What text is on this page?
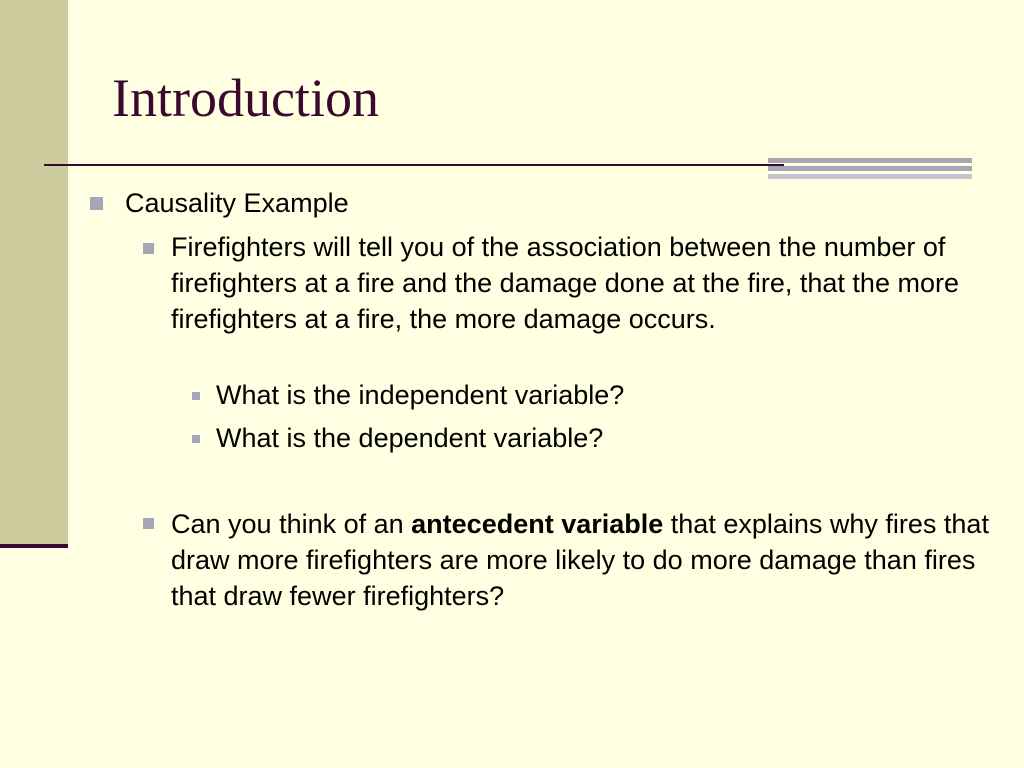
Introduction
Causality Example
Firefighters will tell you of the association between the number of firefighters at a fire and the damage done at the fire, that the more firefighters at a fire, the more damage occurs.
What is the independent variable?
What is the dependent variable?
Can you think of an antecedent variable that explains why fires that draw more firefighters are more likely to do more damage than fires that draw fewer firefighters?
